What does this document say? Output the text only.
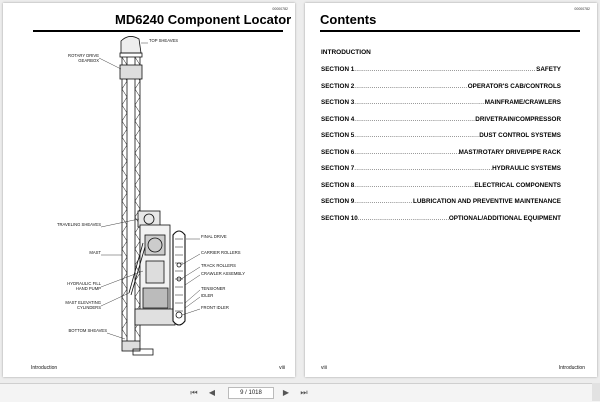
00000782
MD6240 Component Locator
TOP SHEAVES
ROTARY DRIVE
GEARBOX
TRAVELING SHEAVES
MAST
HYDRAULIC FILL
HAND PUMP
MAST ELEVATING
CYLINDERS
BOTTOM SHEAVES
FINAL DRIVE
CARRIER ROLLERS
TRACK ROLLERS
CRAWLER ASSEMBLY
TENSIONER
IDLER
FRONT IDLER
Introduction	viii
00000782
Contents
INTRODUCTION
SECTION 1 .....	SAFETY
SECTION 2 .....	OPERATOR'S CAB/CONTROLS
SECTION 3 .....	MAINFRAME/CRAWLERS
SECTION 4 .....	DRIVETRAIN/COMPRESSOR
SECTION 5 .....	DUST CONTROL SYSTEMS
SECTION 6 .....	MAST/ROTARY DRIVE/PIPE RACK
SECTION 7 .....	HYDRAULIC SYSTEMS
SECTION 8 .....	ELECTRICAL COMPONENTS
SECTION 9 .....	LUBRICATION AND PREVENTIVE MAINTENANCE
SECTION 10 .....	OPTIONAL/ADDITIONAL EQUIPMENT
viii	Introduction
⏮	◀	9 / 1018	▶	⏭
